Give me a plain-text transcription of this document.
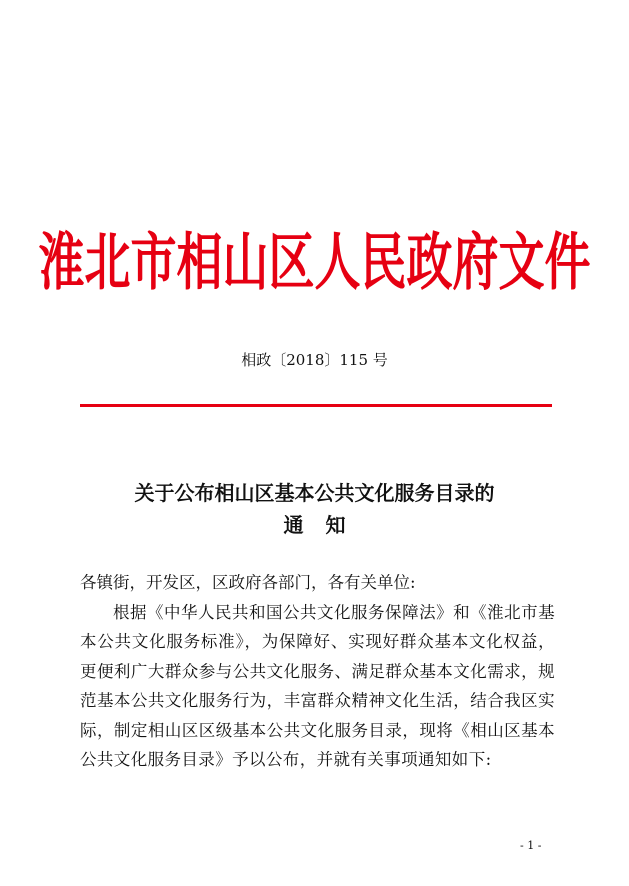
淮北市相山区人民政府文件
相政〔2018〕115 号
关于公布相山区基本公共文化服务目录的
通知

各镇街，开发区，区政府各部门，各有关单位:

根据《中华人民共和国公共文化服务保障法》和《淮北市基本公共文化服务标准》，为保障好、实现好群众基本文化权益，更便利广大群众参与公共文化服务、满足群众基本文化需求，规范基本公共文化服务行为，丰富群众精神文化生活，结合我区实际，制定相山区区级基本公共文化服务目录，现将《相山区基本公共文化服务目录》予以公布，并就有关事项通知如下:

- 1 -
